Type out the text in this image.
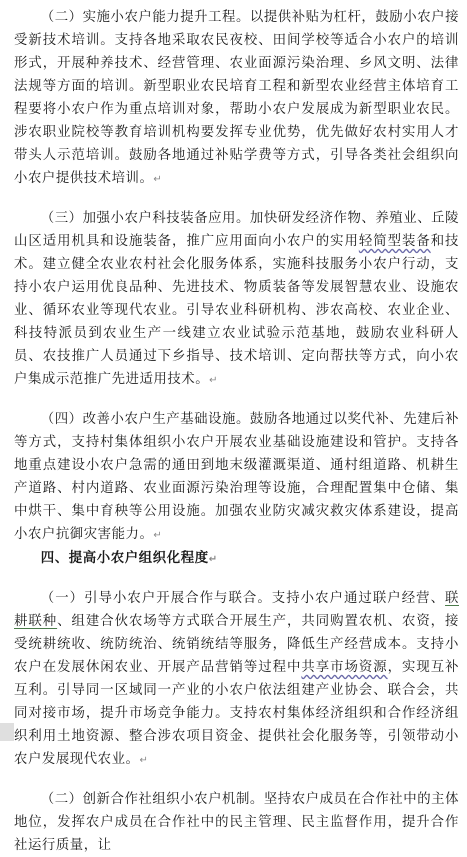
（二）实施小农户能力提升工程。以提供补贴为杠杆，鼓励小农户接受新技术培训。支持各地采取农民夜校、田间学校等适合小农户的培训形式，开展种养技术、经营管理、农业面源污染治理、乡风文明、法律法规等方面的培训。新型职业农民培育工程和新型农业经营主体培育工程要将小农户作为重点培训对象，帮助小农户发展成为新型职业农民。涉农职业院校等教育培训机构要发挥专业优势，优先做好农村实用人才带头人示范培训。鼓励各地通过补贴学费等方式，引导各类社会组织向小农户提供技术培训。↵

（三）加强小农户科技装备应用。加快研发经济作物、养殖业、丘陵山区适用机具和设施装备，推广应用面向小农户的实用轻简型装备和技术。建立健全农业农村社会化服务体系，实施科技服务小农户行动，支持小农户运用优良品种、先进技术、物质装备等发展智慧农业、设施农业、循环农业等现代农业。引导农业科研机构、涉农高校、农业企业、科技特派员到农业生产一线建立农业试验示范基地，鼓励农业科研人员、农技推广人员通过下乡指导、技术培训、定向帮扶等方式，向小农户集成示范推广先进适用技术。↵

（四）改善小农户生产基础设施。鼓励各地通过以奖代补、先建后补等方式，支持村集体组织小农户开展农业基础设施建设和管护。支持各地重点建设小农户急需的通田到地末级灌溉渠道、通村组道路、机耕生产道路、村内道路、农业面源污染治理等设施，合理配置集中仓储、集中烘干、集中育秧等公用设施。加强农业防灾减灾救灾体系建设，提高小农户抗御灾害能力。↵

四、提高小农户组织化程度↵

（一）引导小农户开展合作与联合。支持小农户通过联户经营、联耕联种、组建合伙农场等方式联合开展生产，共同购置农机、农资，接受统耕统收、统防统治、统销统结等服务，降低生产经营成本。支持小农户在发展休闲农业、开展产品营销等过程中共享市场资源，实现互补互利。引导同一区域同一产业的小农户依法组建产业协会、联合会，共同对接市场，提升市场竞争能力。支持农村集体经济组织和合作经济组织利用土地资源、整合涉农项目资金、提供社会化服务等，引领带动小农户发展现代农业。↵

（二）创新合作社组织小农户机制。坚持农户成员在合作社中的主体地位，发挥农户成员在合作社中的民主管理、民主监督作用，提升合作社运行质量，让
